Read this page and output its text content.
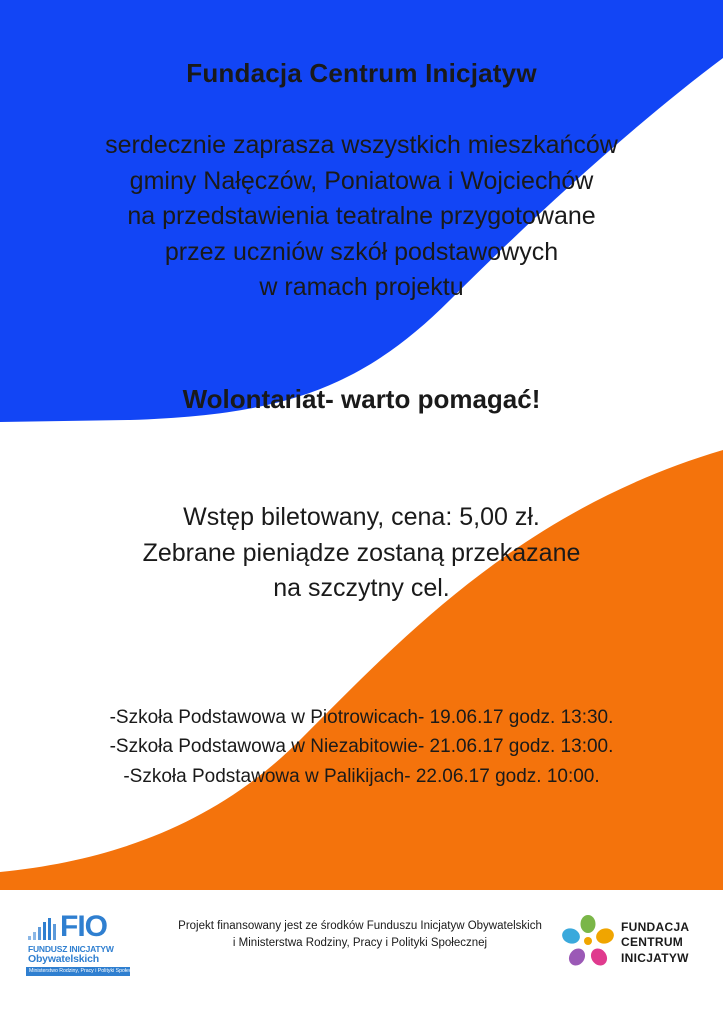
Fundacja Centrum Inicjatyw
serdecznie zaprasza wszystkich mieszkańców
gminy Nałęczów, Poniatowa i Wojciechów
na przedstawienia teatralne przygotowane
przez uczniów szkół podstawowych
w ramach projektu
Wolontariat- warto pomagać!
Wstęp biletowany, cena: 5,00 zł.
Zebrane pieniądze zostaną przekazane
na szczytny cel.
-Szkoła Podstawowa w Piotrowicach- 19.06.17 godz. 13:30.
-Szkoła Podstawowa w Niezabitowie- 21.06.17 godz. 13:00.
-Szkoła Podstawowa w Palikijach- 22.06.17 godz. 10:00.
FIO
FUNDUSZ INICJATYW
Obywatelskich
Ministerstwo Rodziny, Pracy i Polityki Społecznej
Projekt finansowany jest ze środków Funduszu Inicjatyw Obywatelskich
i Ministerstwa Rodziny, Pracy i Polityki Społecznej
FUNDACJA
CENTRUM
INICJATYW
